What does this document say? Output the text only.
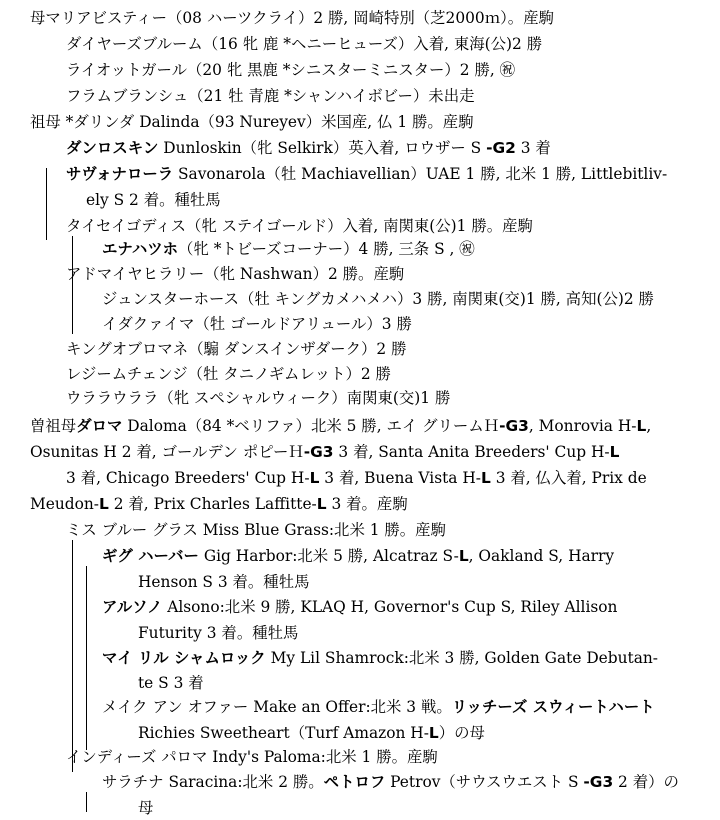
母マリアビスティー（08 ハーツクライ）2 勝, 岡崎特別（芝2000ｍ）。産駒
ダイヤーズブルーム（16 牝 鹿 *ヘニーヒューズ）入着, 東海(公)2 勝
ライオットガール（20 牝 黒鹿 *シニスターミニスター）2 勝, ㊗
フラムブランシュ（21 牡 青鹿 *シャンハイボビー）未出走
祖母 *ダリンダ Dalinda（93 Nureyev）米国産, 仏 1 勝。産駒
ダンロスキン Dunloskin（牝 Selkirk）英入着, ロウザー S -G2 3 着
サヴォナローラ Savonarola（牡 Machiavellian）UAE 1 勝, 北米 1 勝, Littlebitliv-
ely S 2 着。種牡馬
タイセイゴディス（牝 ステイゴールド）入着, 南関東(公)1 勝。産駒
エナハツホ（牝 *トビーズコーナー）4 勝, 三条 S , ㊗
アドマイヤヒラリー（牝 Nashwan）2 勝。産駒
ジュンスターホース（牡 キングカメハメハ）3 勝, 南関東(交)1 勝, 高知(公)2 勝
イダクァイマ（牡 ゴールドアリュール）3 勝
キングオブロマネ（騸 ダンスインザダーク）2 勝
レジームチェンジ（牡 タニノギムレット）2 勝
ウララウララ（牝 スペシャルウィーク）南関東(交)1 勝
曽祖母ダロマ Daloma（84 *ベリファ）北米 5 勝, エイ グリームＨ-G3, Monrovia H-L,
Osunitas H 2 着, ゴールデン ポピーＨ-G3 3 着, Santa Anita Breeders' Cup H-L
3 着, Chicago Breeders' Cup H-L 3 着, Buena Vista H-L 3 着, 仏入着, Prix de
Meudon-L 2 着, Prix Charles Laffitte-L 3 着。産駒
ミス ブルー グラス Miss Blue Grass:北米 1 勝。産駒
ギグ ハーバー Gig Harbor:北米 5 勝, Alcatraz S-L, Oakland S, Harry
Henson S 3 着。種牡馬
アルソノ Alsono:北米 9 勝, KLAQ H, Governor's Cup S, Riley Allison
Futurity 3 着。種牡馬
マイ リル シャムロック My Lil Shamrock:北米 3 勝, Golden Gate Debutan-
te S 3 着
メイク アン オファー Make an Offer:北米 3 戦。リッチーズ スウィートハート
Richies Sweetheart（Turf Amazon H-L）の母
インディーズ パロマ Indy's Paloma:北米 1 勝。産駒
サラチナ Saracina:北米 2 勝。ペトロフ Petrov（サウスウエスト S -G3 2 着）の
母
